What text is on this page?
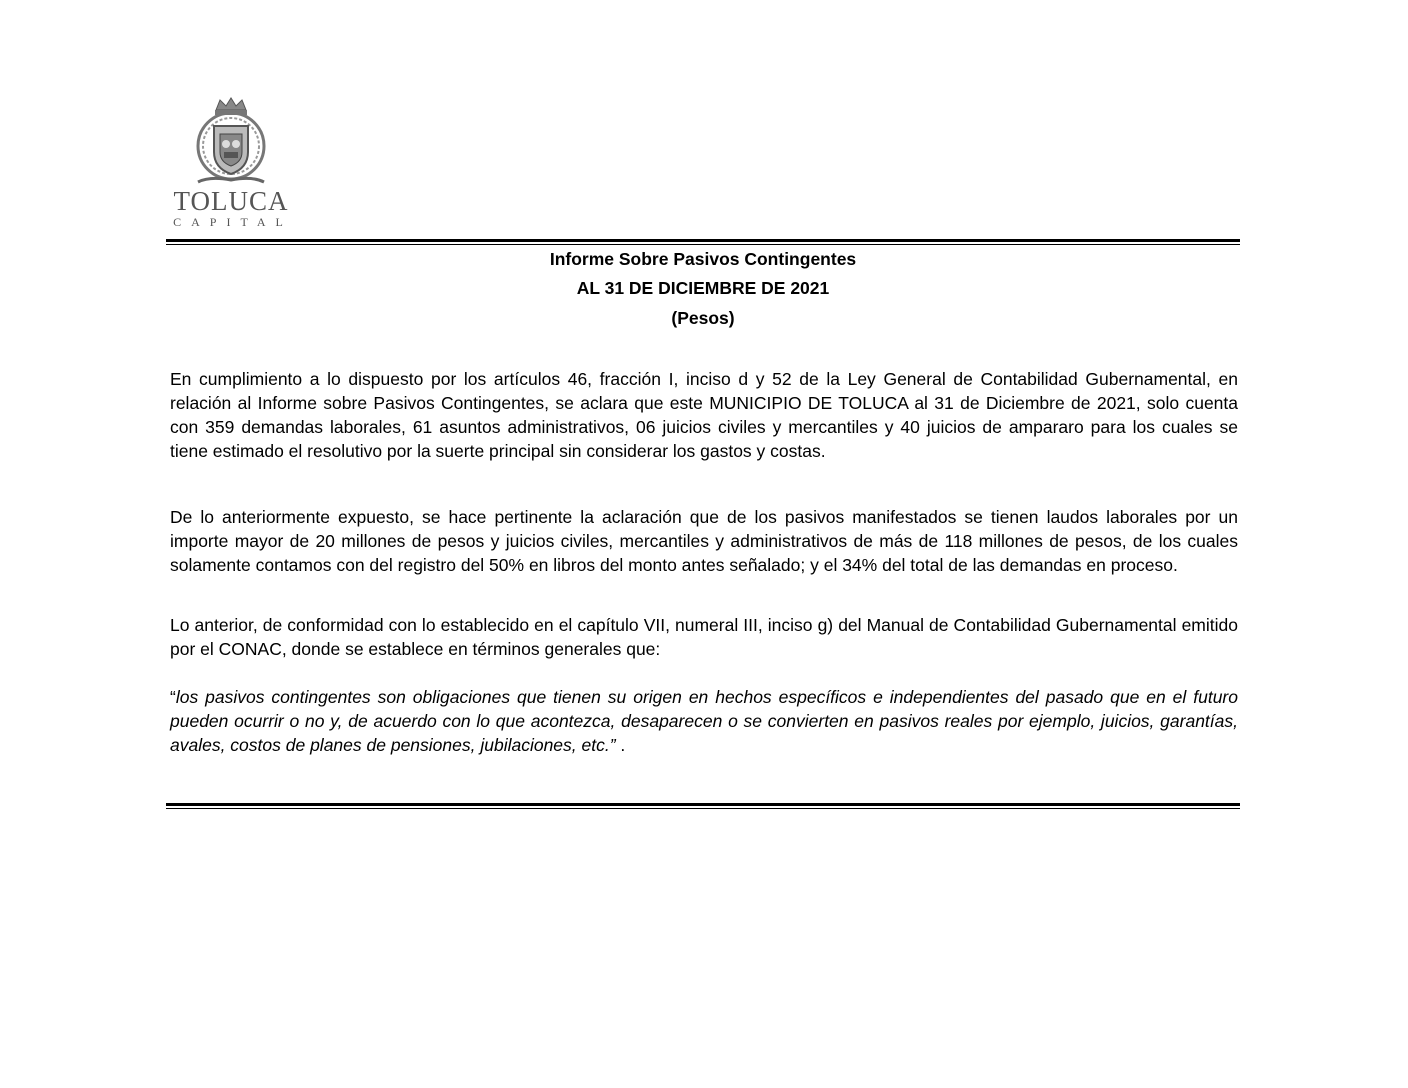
TOLUCA
CAPITAL
Informe Sobre Pasivos Contingentes
AL 31 DE DICIEMBRE DE 2021
(Pesos)

En cumplimiento a lo dispuesto por los artículos 46, fracción I, inciso d y 52 de la Ley General de Contabilidad Gubernamental, en relación al Informe sobre Pasivos Contingentes, se aclara que este MUNICIPIO DE TOLUCA al 31 de Diciembre de 2021, solo cuenta con 359 demandas laborales, 61 asuntos administrativos, 06 juicios civiles y mercantiles y 40 juicios de ampararo para los cuales se tiene estimado el resolutivo por la suerte principal sin considerar los gastos y costas.

De lo anteriormente expuesto, se hace pertinente la aclaración que de los pasivos manifestados se tienen laudos laborales por un importe mayor de 20 millones de pesos y juicios civiles, mercantiles y administrativos de más de 118 millones de pesos, de los cuales solamente contamos con del registro del 50% en libros del monto antes señalado; y el 34% del total de las demandas en proceso.

Lo anterior, de conformidad con lo establecido en el capítulo VII, numeral III, inciso g) del Manual de Contabilidad Gubernamental emitido por el CONAC, donde se establece en términos generales que:

“los pasivos contingentes son obligaciones que tienen su origen en hechos específicos e independientes del pasado que en el futuro pueden ocurrir o no y, de acuerdo con lo que acontezca, desaparecen o se convierten en pasivos reales por ejemplo, juicios, garantías, avales, costos de planes de pensiones, jubilaciones, etc.” .
